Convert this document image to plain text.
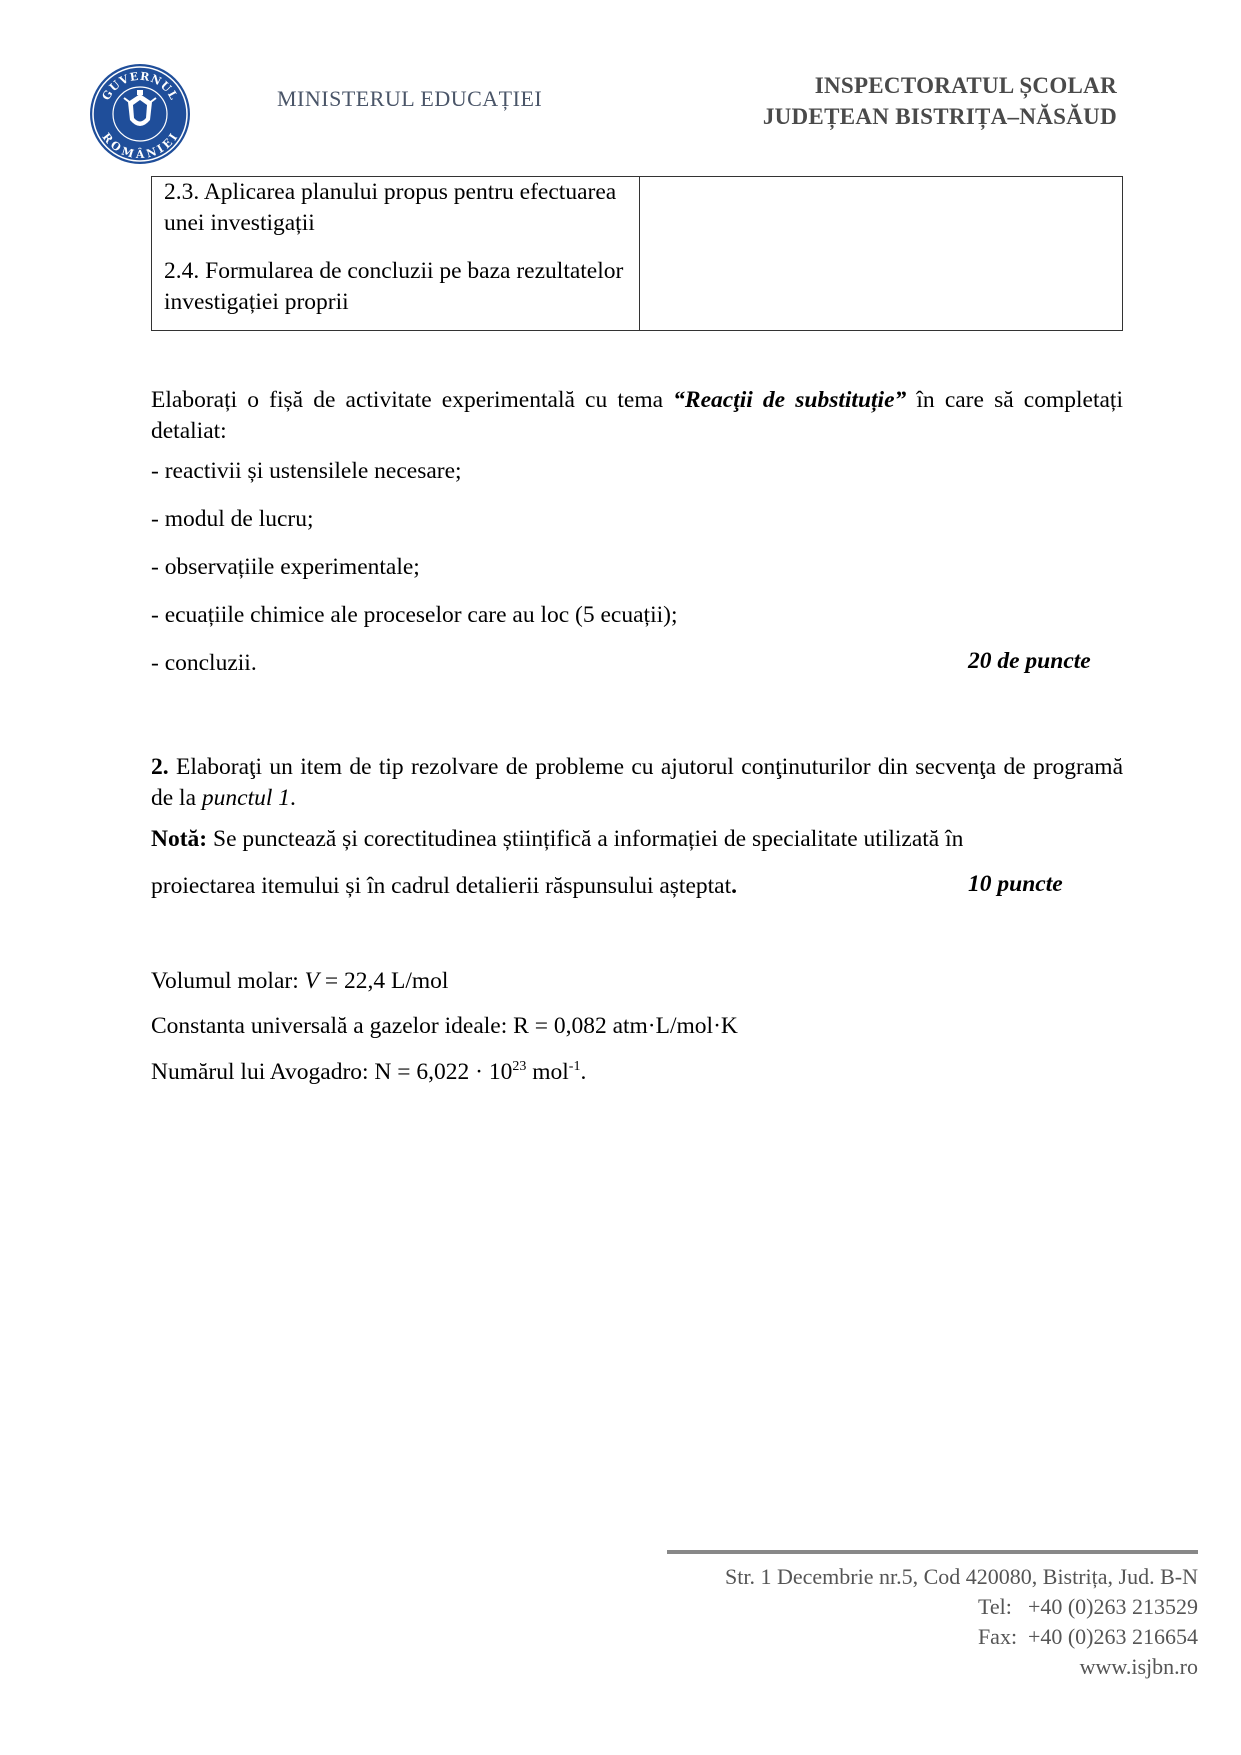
GUVERNUL
ROMÂNIEI
MINISTERUL EDUCAȚIEI
INSPECTORATUL ȘCOLAR
JUDEȚEAN BISTRIȚA–NĂSĂUD

2.3. Aplicarea planului propus pentru efectuarea unei investigații

2.4. Formularea de concluzii pe baza rezultatelor investigației proprii

Elaborați o fișă de activitate experimentală cu tema “Reacţii de substituție” în care să completați detaliat:
- reactivii și ustensilele necesare;
- modul de lucru;
- observațiile experimentale;
- ecuațiile chimice ale proceselor care au loc (5 ecuații);
- concluzii.	20 de puncte
2. Elaboraţi un item de tip rezolvare de probleme cu ajutorul conţinuturilor din secvenţa de programă de la punctul 1.
Notă: Se punctează și corectitudinea științifică a informației de specialitate utilizată în
proiectarea itemului și în cadrul detalierii răspunsului așteptat.	10 puncte
Volumul molar: V = 22,4 L/mol
Constanta universală a gazelor ideale: R = 0,082 atm·L/mol·K
Numărul lui Avogadro: $N = 6,022 \cdot 10^{23}$ mol$^{-1}$.
Str. 1 Decembrie nr.5, Cod 420080, Bistrița, Jud. B-N
Tel: +40 (0)263 213529
Fax: +40 (0)263 216654
www.isjbn.ro
